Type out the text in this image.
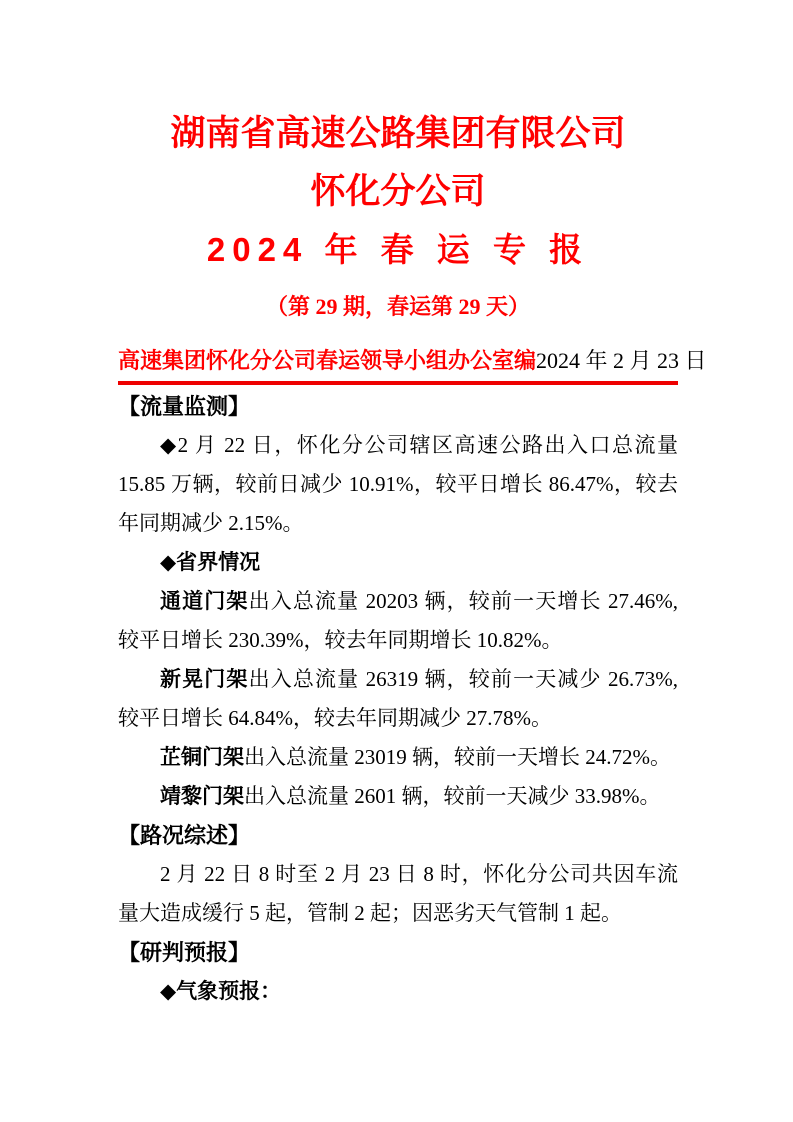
湖南省高速公路集团有限公司
怀化分公司
2024 年 春 运 专 报
（第 29 期，春运第 29 天）
高速集团怀化分公司春运领导小组办公室编 2024 年 2 月 23 日
【流量监测】

◆2 月 22 日，怀化分公司辖区高速公路出入口总流量 15.85 万辆，较前日减少 10.91%，较平日增长 86.47%，较去年同期减少 2.15%。

◆省界情况

通道门架出入总流量 20203 辆，较前一天增长 27.46%, 较平日增长 230.39%，较去年同期增长 10.82%。

新晃门架出入总流量 26319 辆，较前一天减少 26.73%, 较平日增长 64.84%，较去年同期减少 27.78%。

芷铜门架出入总流量 23019 辆，较前一天增长 24.72%。

靖黎门架出入总流量 2601 辆，较前一天减少 33.98%。

【路况综述】

2 月 22 日 8 时至 2 月 23 日 8 时，怀化分公司共因车流量大造成缓行 5 起，管制 2 起；因恶劣天气管制 1 起。

【研判预报】
◆气象预报：
